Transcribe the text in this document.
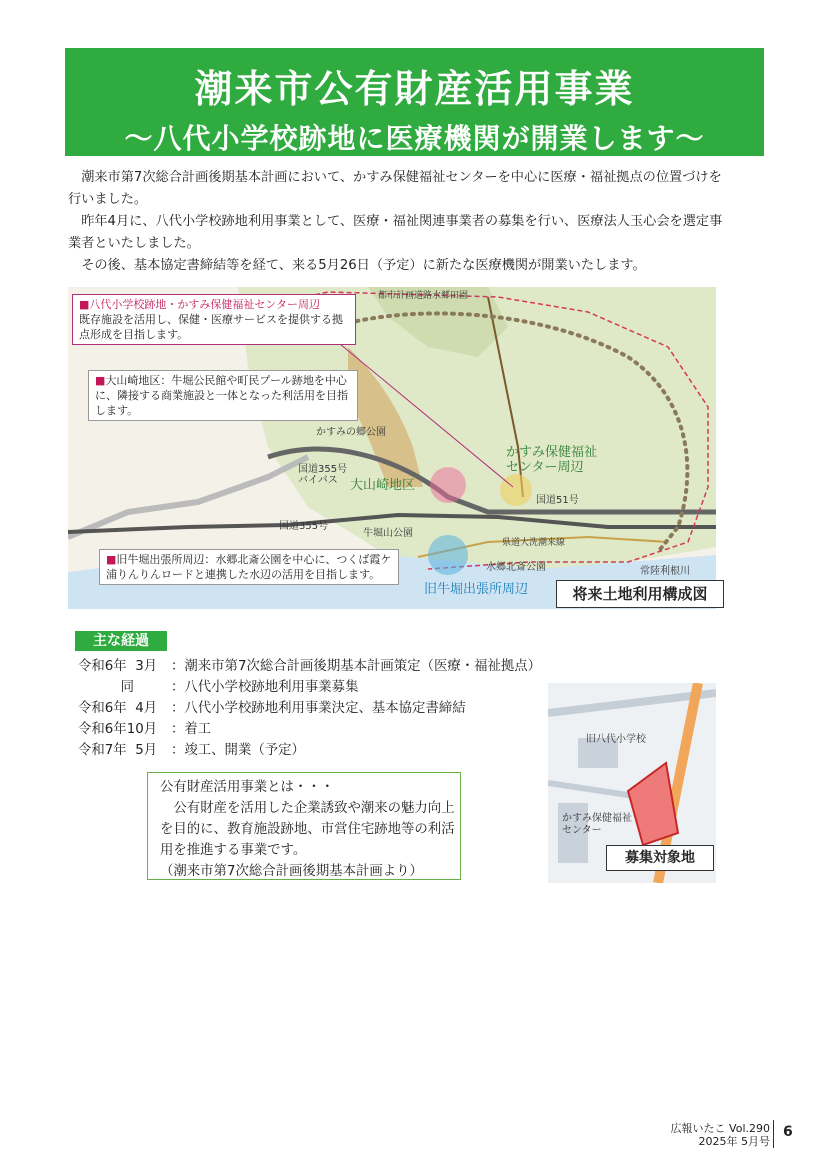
潮来市公有財産活用事業
〜八代小学校跡地に医療機関が開業します〜

潮来市第7次総合計画後期基本計画において、かすみ保健福祉センターを中心に医療・福祉拠点の位置づけを行いました。

昨年4月に、八代小学校跡地利用事業として、医療・福祉関連事業者の募集を行い、医療法人玉心会を選定事業者といたしました。

その後、基本協定書締結等を経て、来る5月26日（予定）に新たな医療機関が開業いたします。

■八代小学校跡地・かすみ保健福祉センター周辺
既存施設を活用し、保健・医療サービスを提供する拠点形成を目指します。
■大山崎地区：牛堀公民館や町民プール跡地を中心に、隣接する商業施設と一体となった利活用を目指します。
■旧牛堀出張所周辺：水郷北斎公園を中心に、つくば霞ケ浦りんりんロードと連携した水辺の活用を目指します。
かすみ保健福祉センター周辺
大山崎地区
旧牛堀出張所周辺
かすみの郷公園
国道355号バイパス
国道355号
国道51号
牛堀山公園
水郷北斎公園	常陸利根川
都市計画道路水郷田園
県道大洗潮来線
将来土地利用構成図
主な経過
令和6年  3月	：潮来市第7次総合計画後期基本計画策定（医療・福祉拠点）
同	：八代小学校跡地利用事業募集
令和6年  4月	：八代小学校跡地利用事業決定、基本協定書締結
令和6年10月	：着工
令和7年  5月	：竣工、開業（予定）

公有財産活用事業とは・・・

公有財産を活用した企業誘致や潮来の魅力向上を目的に、教育施設跡地、市営住宅跡地等の利活用を推進する事業です。

（潮来市第7次総合計画後期基本計画より）

旧八代小学校
かすみ保健福祉センター
募集対象地
広報いたこ Vol.290
2025年 5月号
6
